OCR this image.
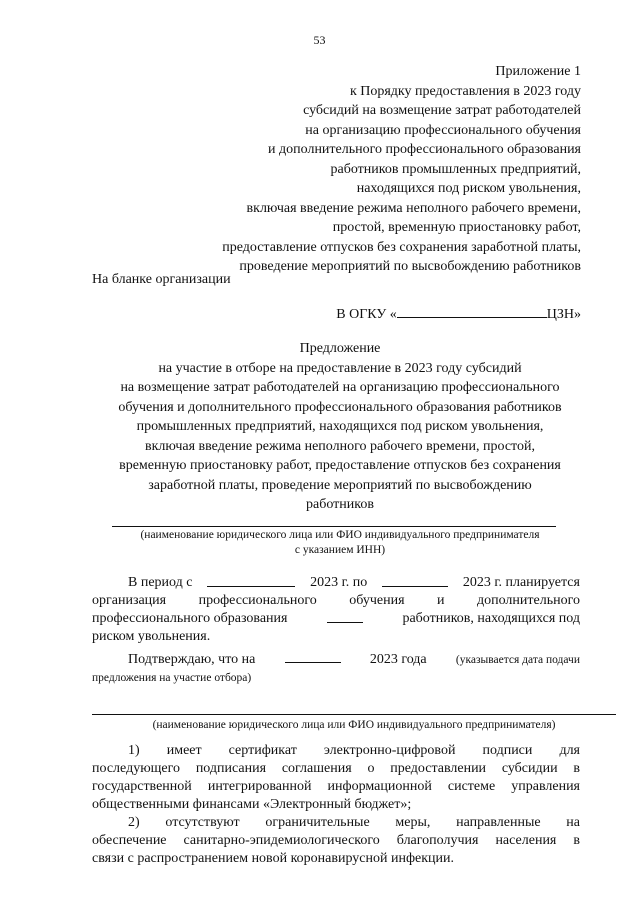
53
Приложение 1
к Порядку предоставления в 2023 году
субсидий на возмещение затрат работодателей
на организацию профессионального обучения
и дополнительного профессионального образования
работников промышленных предприятий,
находящихся под риском увольнения,
включая введение режима неполного рабочего времени,
простой, временную приостановку работ,
предоставление отпусков без сохранения заработной платы,
проведение мероприятий по высвобождению работников
На бланке организации
В ОГКУ «	ЦЗН»
Предложение
на участие в отборе на предоставление в 2023 году субсидий
на возмещение затрат работодателей на организацию профессионального
обучения и дополнительного профессионального образования работников
промышленных предприятий, находящихся под риском увольнения,
включая введение режима неполного рабочего времени, простой,
временную приостановку работ, предоставление отпусков без сохранения
заработной платы, проведение мероприятий по высвобождению
работников
(наименование юридического лица или ФИО индивидуального предпринимателя
с указанием ИНН)
В период с	2023 г. по	2023 г. планируется
организация профессионального обучения и дополнительного
профессионального образования	работников, находящихся под
риском увольнения.
Подтверждаю, что на	2023 года	(указывается дата подачи
предложения на участие отбора)
(наименование юридического лица или ФИО индивидуального предпринимателя)
1) имеет сертификат электронно-цифровой подписи для
последующего подписания соглашения о предоставлении субсидии в
государственной интегрированной информационной системе управления
общественными финансами «Электронный бюджет»;
2) отсутствуют ограничительные меры, направленные на
обеспечение санитарно-эпидемиологического благополучия населения в
связи с распространением новой коронавирусной инфекции.
